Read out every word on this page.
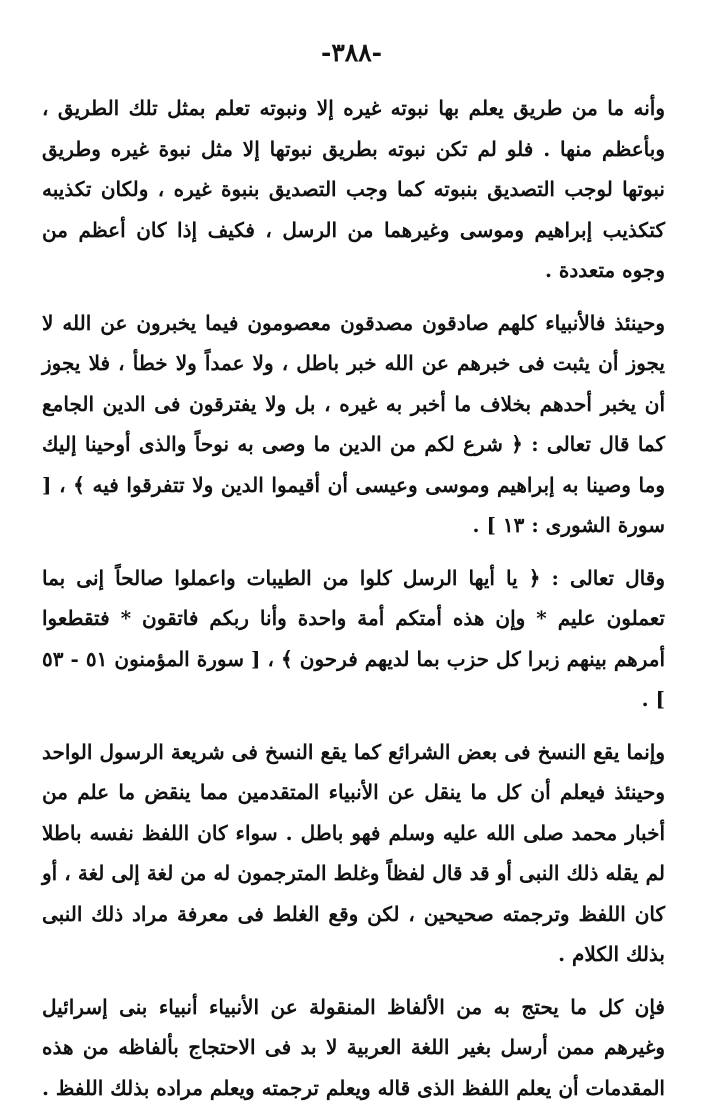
-٣٨٨-

وأنه ما من طريق يعلم بها نبوته غيره إلا ونبوته تعلم بمثل تلك الطريق ، وبأعظم منها . فلو لم تكن نبوته بطريق نبوتها إلا مثل نبوة غيره وطريق نبوتها لوجب التصديق بنبوته كما وجب التصديق بنبوة غيره ، ولكان تكذيبه كتكذيب إبراهيم وموسى وغيرهما من الرسل ، فكيف إذا كان أعظم من وجوه متعددة .

وحينئذ فالأنبياء كلهم صادقون مصدقون معصومون فيما يخبرون عن الله لا يجوز أن يثبت فى خبرهم عن الله خبر باطل ، ولا عمداً ولا خطأ ، فلا يجوز أن يخبر أحدهم بخلاف ما أخبر به غيره ، بل ولا يفترقون فى الدين الجامع كما قال تعالى : ﴿ شرع لكم من الدين ما وصى به نوحاً والذى أوحينا إليك وما وصينا به إبراهيم وموسى وعيسى أن أقيموا الدين ولا تتفرقوا فيه ﴾ ، [ سورة الشورى : ١٣ ] .

وقال تعالى : ﴿ يا أيها الرسل كلوا من الطيبات واعملوا صالحاً إنى بما تعملون عليم * وإن هذه أمتكم أمة واحدة وأنا ربكم فاتقون * فتقطعوا أمرهم بينهم زبرا كل حزب بما لديهم فرحون ﴾ ، [ سورة المؤمنون ٥١ - ٥٣ ] .

وإنما يقع النسخ فى بعض الشرائع كما يقع النسخ فى شريعة الرسول الواحد وحينئذ فيعلم أن كل ما ينقل عن الأنبياء المتقدمين مما ينقض ما علم من أخبار محمد صلى الله عليه وسلم فهو باطل . سواء كان اللفظ نفسه باطلا لم يقله ذلك النبى أو قد قال لفظاً وغلط المترجمون له من لغة إلى لغة ، أو كان اللفظ وترجمته صحيحين ، لكن وقع الغلط فى معرفة مراد ذلك النبى بذلك الكلام .

فإن كل ما يحتج به من الألفاظ المنقولة عن الأنبياء أنبياء بنى إسرائيل وغيرهم ممن أرسل بغير اللغة العربية لا بد فى الاحتجاج بألفاظه من هذه المقدمات أن يعلم اللفظ الذى قاله ويعلم ترجمته ويعلم مراده بذلك اللفظ .
